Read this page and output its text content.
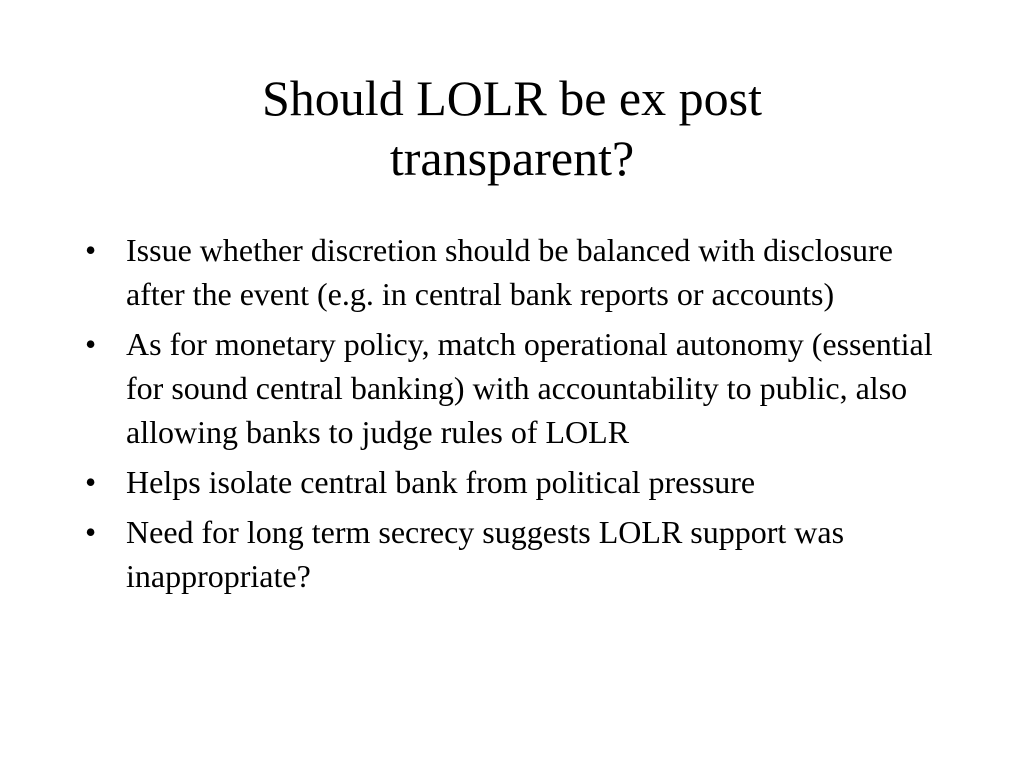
Should LOLR be ex post
transparent?
• Issue whether discretion should be balanced with disclosure after the event (e.g. in central bank reports or accounts)
• As for monetary policy, match operational autonomy (essential for sound central banking) with accountability to public, also allowing banks to judge rules of LOLR
• Helps isolate central bank from political pressure
• Need for long term secrecy suggests LOLR support was inappropriate?
